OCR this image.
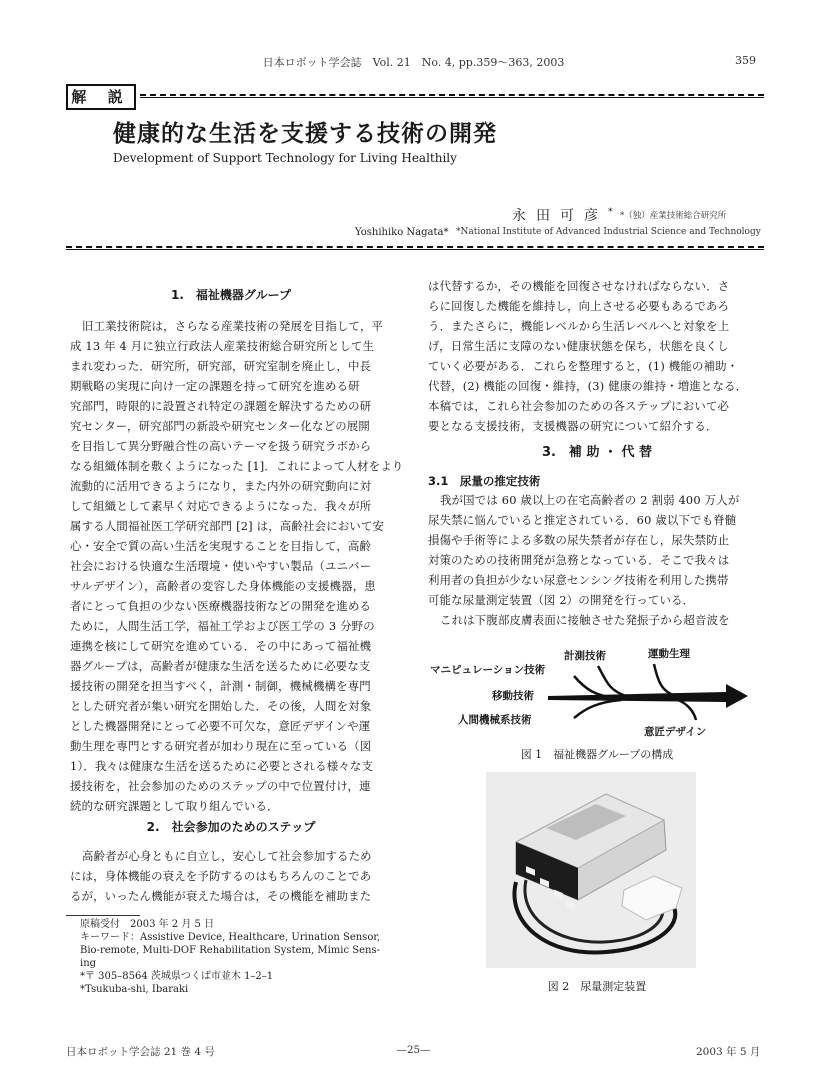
日本ロボット学会誌　Vol. 21　No. 4, pp.359～363, 2003	359
解 説
健康的な生活を支援する技術の開発
Development of Support Technology for Living Healthily
永田可彦* *（独）産業技術総合研究所
Yoshihiko Nagata* *National Institute of Advanced Industrial Science and Technology
1.　福祉機器グループ
旧工業技術院は，さらなる産業技術の発展を目指して，平
成 13 年 4 月に独立行政法人産業技術総合研究所として生
まれ変わった．研究所，研究部，研究室制を廃止し，中長
期戦略の実現に向け一定の課題を持って研究を進める研
究部門，時限的に設置され特定の課題を解決するための研
究センター，研究部門の新設や研究センター化などの展開
を目指して異分野融合性の高いテーマを扱う研究ラボから
なる組織体制を敷くようになった [1]．これによって人材をより
流動的に活用できるようになり，また内外の研究動向に対
して組織として素早く対応できるようになった．我々が所
属する人間福祉医工学研究部門 [2] は，高齢社会において安
心・安全で質の高い生活を実現することを目指して，高齢
社会における快適な生活環境・使いやすい製品（ユニバー
サルデザイン），高齢者の変容した身体機能の支援機器，患
者にとって負担の少ない医療機器技術などの開発を進める
ために，人間生活工学，福祉工学および医工学の 3 分野の
連携を核にして研究を進めている．その中にあって福祉機
器グループは，高齢者が健康な生活を送るために必要な支
援技術の開発を担当すべく，計測・制御，機械機構を専門
とした研究者が集い研究を開始した．その後，人間を対象
とした機器開発にとって必要不可欠な，意匠デザインや運
動生理を専門とする研究者が加わり現在に至っている（図
1）．我々は健康な生活を送るために必要とされる様々な支
援技術を，社会参加のためのステップの中で位置付け，連
続的な研究課題として取り組んでいる．
2.　社会参加のためのステップ
高齢者が心身ともに自立し，安心して社会参加するため
には，身体機能の衰えを予防するのはもちろんのことであ
るが，いったん機能が衰えた場合は，その機能を補助また
原稿受付　2003 年 2 月 5 日
キーワード：Assistive Device, Healthcare, Urination Sensor,
Bio-remote, Multi-DOF Rehabilitation System, Mimic Sens-
ing
*〒 305–8564 茨城県つくば市並木 1–2–1
*Tsukuba-shi, Ibaraki
は代替するか，その機能を回復させなければならない．さ
らに回復した機能を維持し，向上させる必要もあるであろ
う．またさらに，機能レベルから生活レベルへと対象を上
げ，日常生活に支障のない健康状態を保ち，状態を良くし
ていく必要がある．これらを整理すると，(1) 機能の補助・
代替，(2) 機能の回復・維持，(3) 健康の維持・増進となる．
本稿では，これら社会参加のための各ステップにおいて必
要となる支援技術，支援機器の研究について紹介する．
3.　補 助 ・ 代 替
3.1　尿量の推定技術
我が国では 60 歳以上の在宅高齢者の 2 割弱 400 万人が
尿失禁に悩んでいると推定されている．60 歳以下でも脊髄
損傷や手術等による多数の尿失禁者が存在し，尿失禁防止
対策のための技術開発が急務となっている．そこで我々は
利用者の負担が少ない尿意センシング技術を利用した携帯
可能な尿量測定装置（図 2）の開発を行っている．
これは下腹部皮膚表面に接触させた発振子から超音波を
マニピュレーション技術
計測技術	運動生理
移動技術
人間機械系技術
意匠デザイン
図 1　福祉機器グループの構成
図 2　尿量測定装置
日本ロボット学会誌 21 巻 4 号	—25—	2003 年 5 月
